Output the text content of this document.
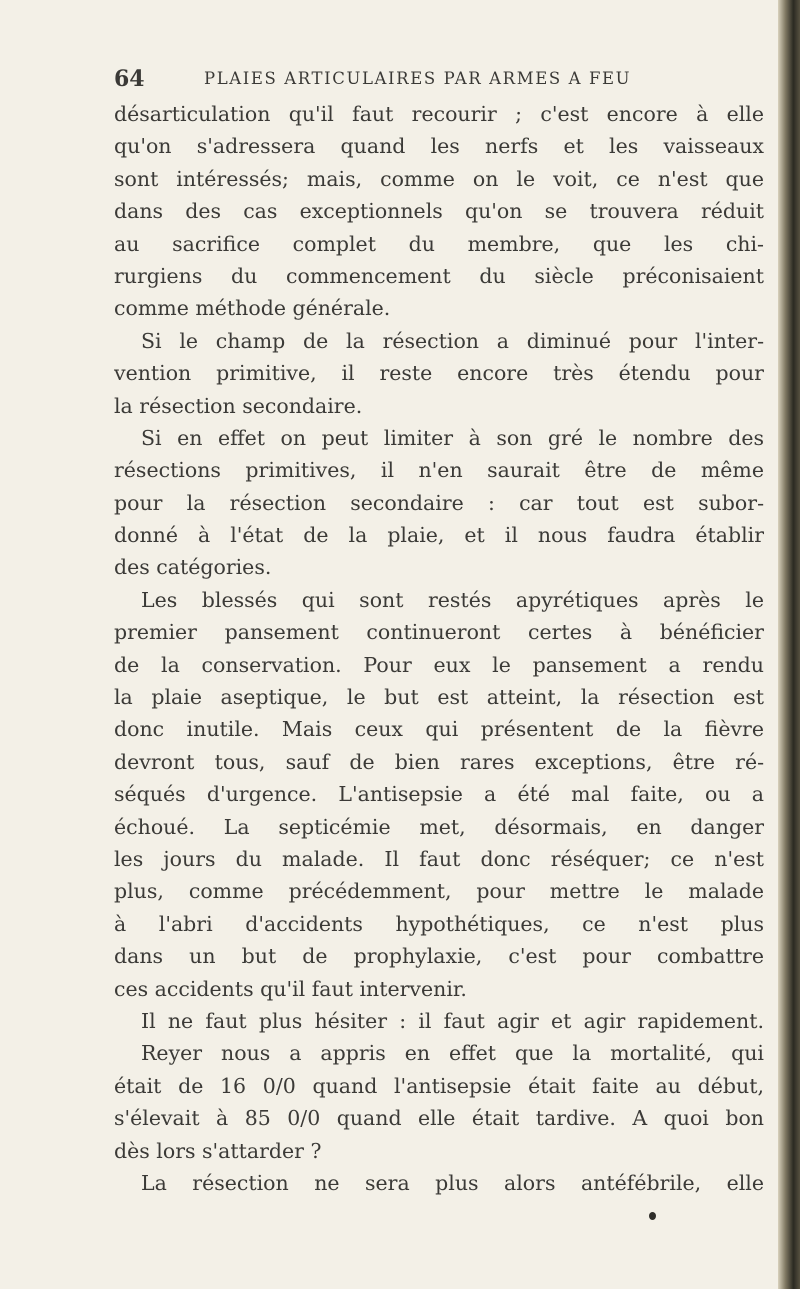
64	PLAIES ARTICULAIRES PAR ARMES A FEU
désarticulation qu'il faut recourir ; c'est encore à elle
qu'on s'adressera quand les nerfs et les vaisseaux
sont intéressés; mais, comme on le voit, ce n'est que
dans des cas exceptionnels qu'on se trouvera réduit
au sacrifice complet du membre, que les chi-
rurgiens du commencement du siècle préconisaient
comme méthode générale.
Si le champ de la résection a diminué pour l'inter-
vention primitive, il reste encore très étendu pour
la résection secondaire.
Si en effet on peut limiter à son gré le nombre des
résections primitives, il n'en saurait être de même
pour la résection secondaire : car tout est subor-
donné à l'état de la plaie, et il nous faudra établir
des catégories.
Les blessés qui sont restés apyrétiques après le
premier pansement continueront certes à bénéficier
de la conservation. Pour eux le pansement a rendu
la plaie aseptique, le but est atteint, la résection est
donc inutile. Mais ceux qui présentent de la fièvre
devront tous, sauf de bien rares exceptions, être ré-
séqués d'urgence. L'antisepsie a été mal faite, ou a
échoué. La septicémie met, désormais, en danger
les jours du malade. Il faut donc réséquer; ce n'est
plus, comme précédemment, pour mettre le malade
à l'abri d'accidents hypothétiques, ce n'est plus
dans un but de prophylaxie, c'est pour combattre
ces accidents qu'il faut intervenir.
Il ne faut plus hésiter : il faut agir et agir rapidement.
Reyer nous a appris en effet que la mortalité, qui
était de 16 0/0 quand l'antisepsie était faite au début,
s'élevait à 85 0/0 quand elle était tardive. A quoi bon
dès lors s'attarder ?
La résection ne sera plus alors antéfébrile, elle
